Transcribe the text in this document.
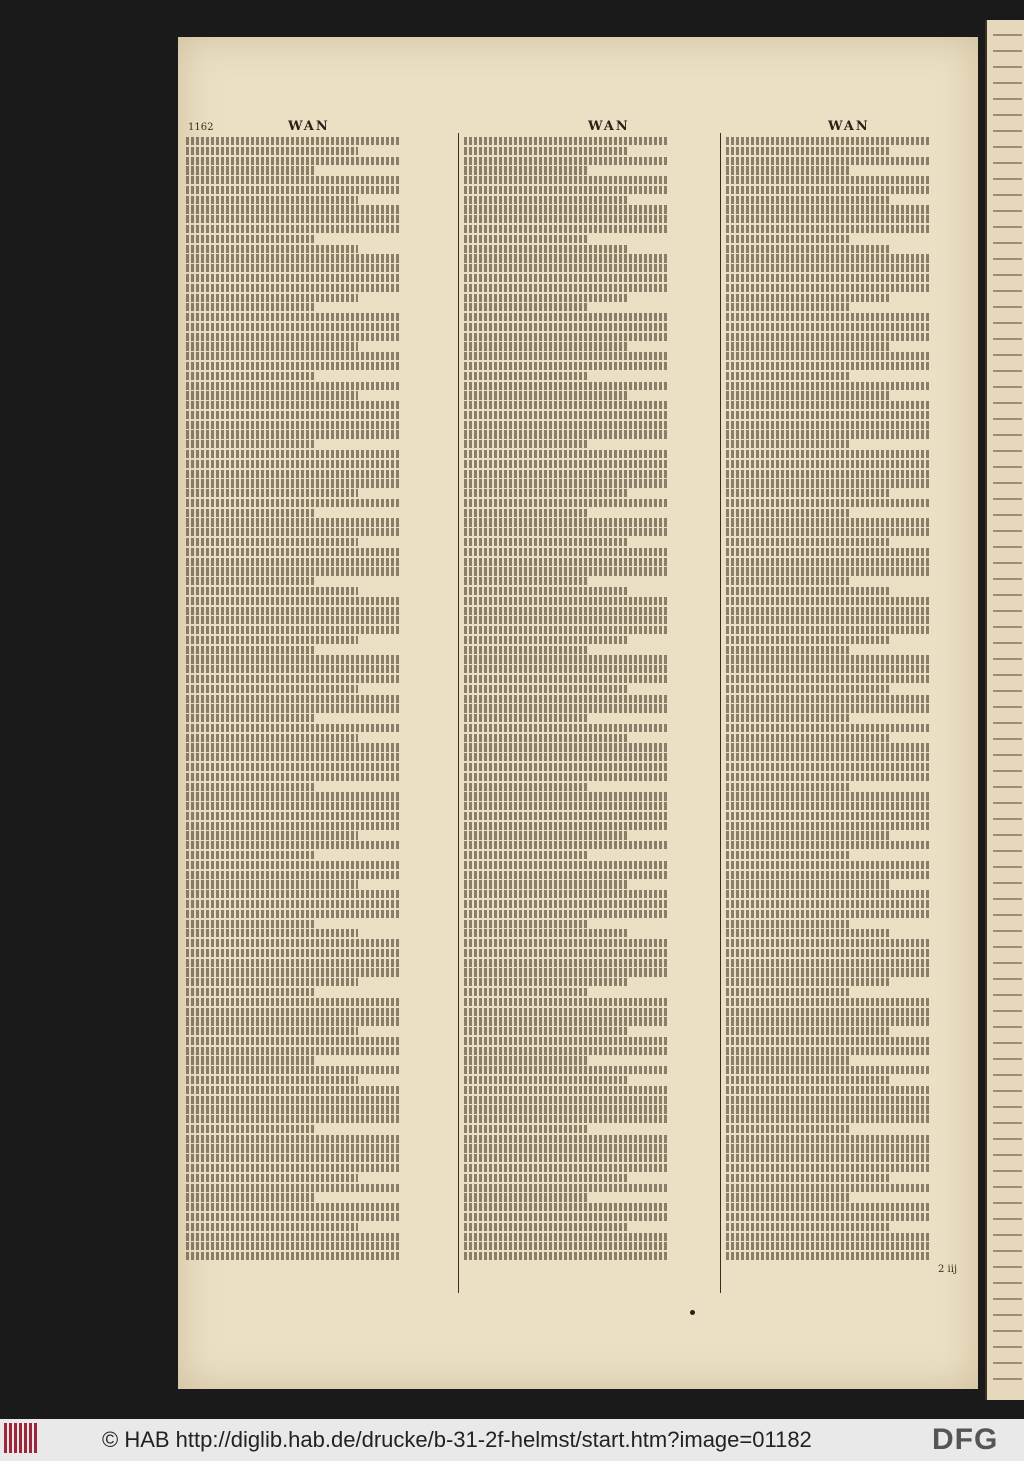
1162	WAN	WAN	WAN
2 iij
© HAB http://diglib.hab.de/drucke/b-31-2f-helmst/start.htm?image=01182	DFG
